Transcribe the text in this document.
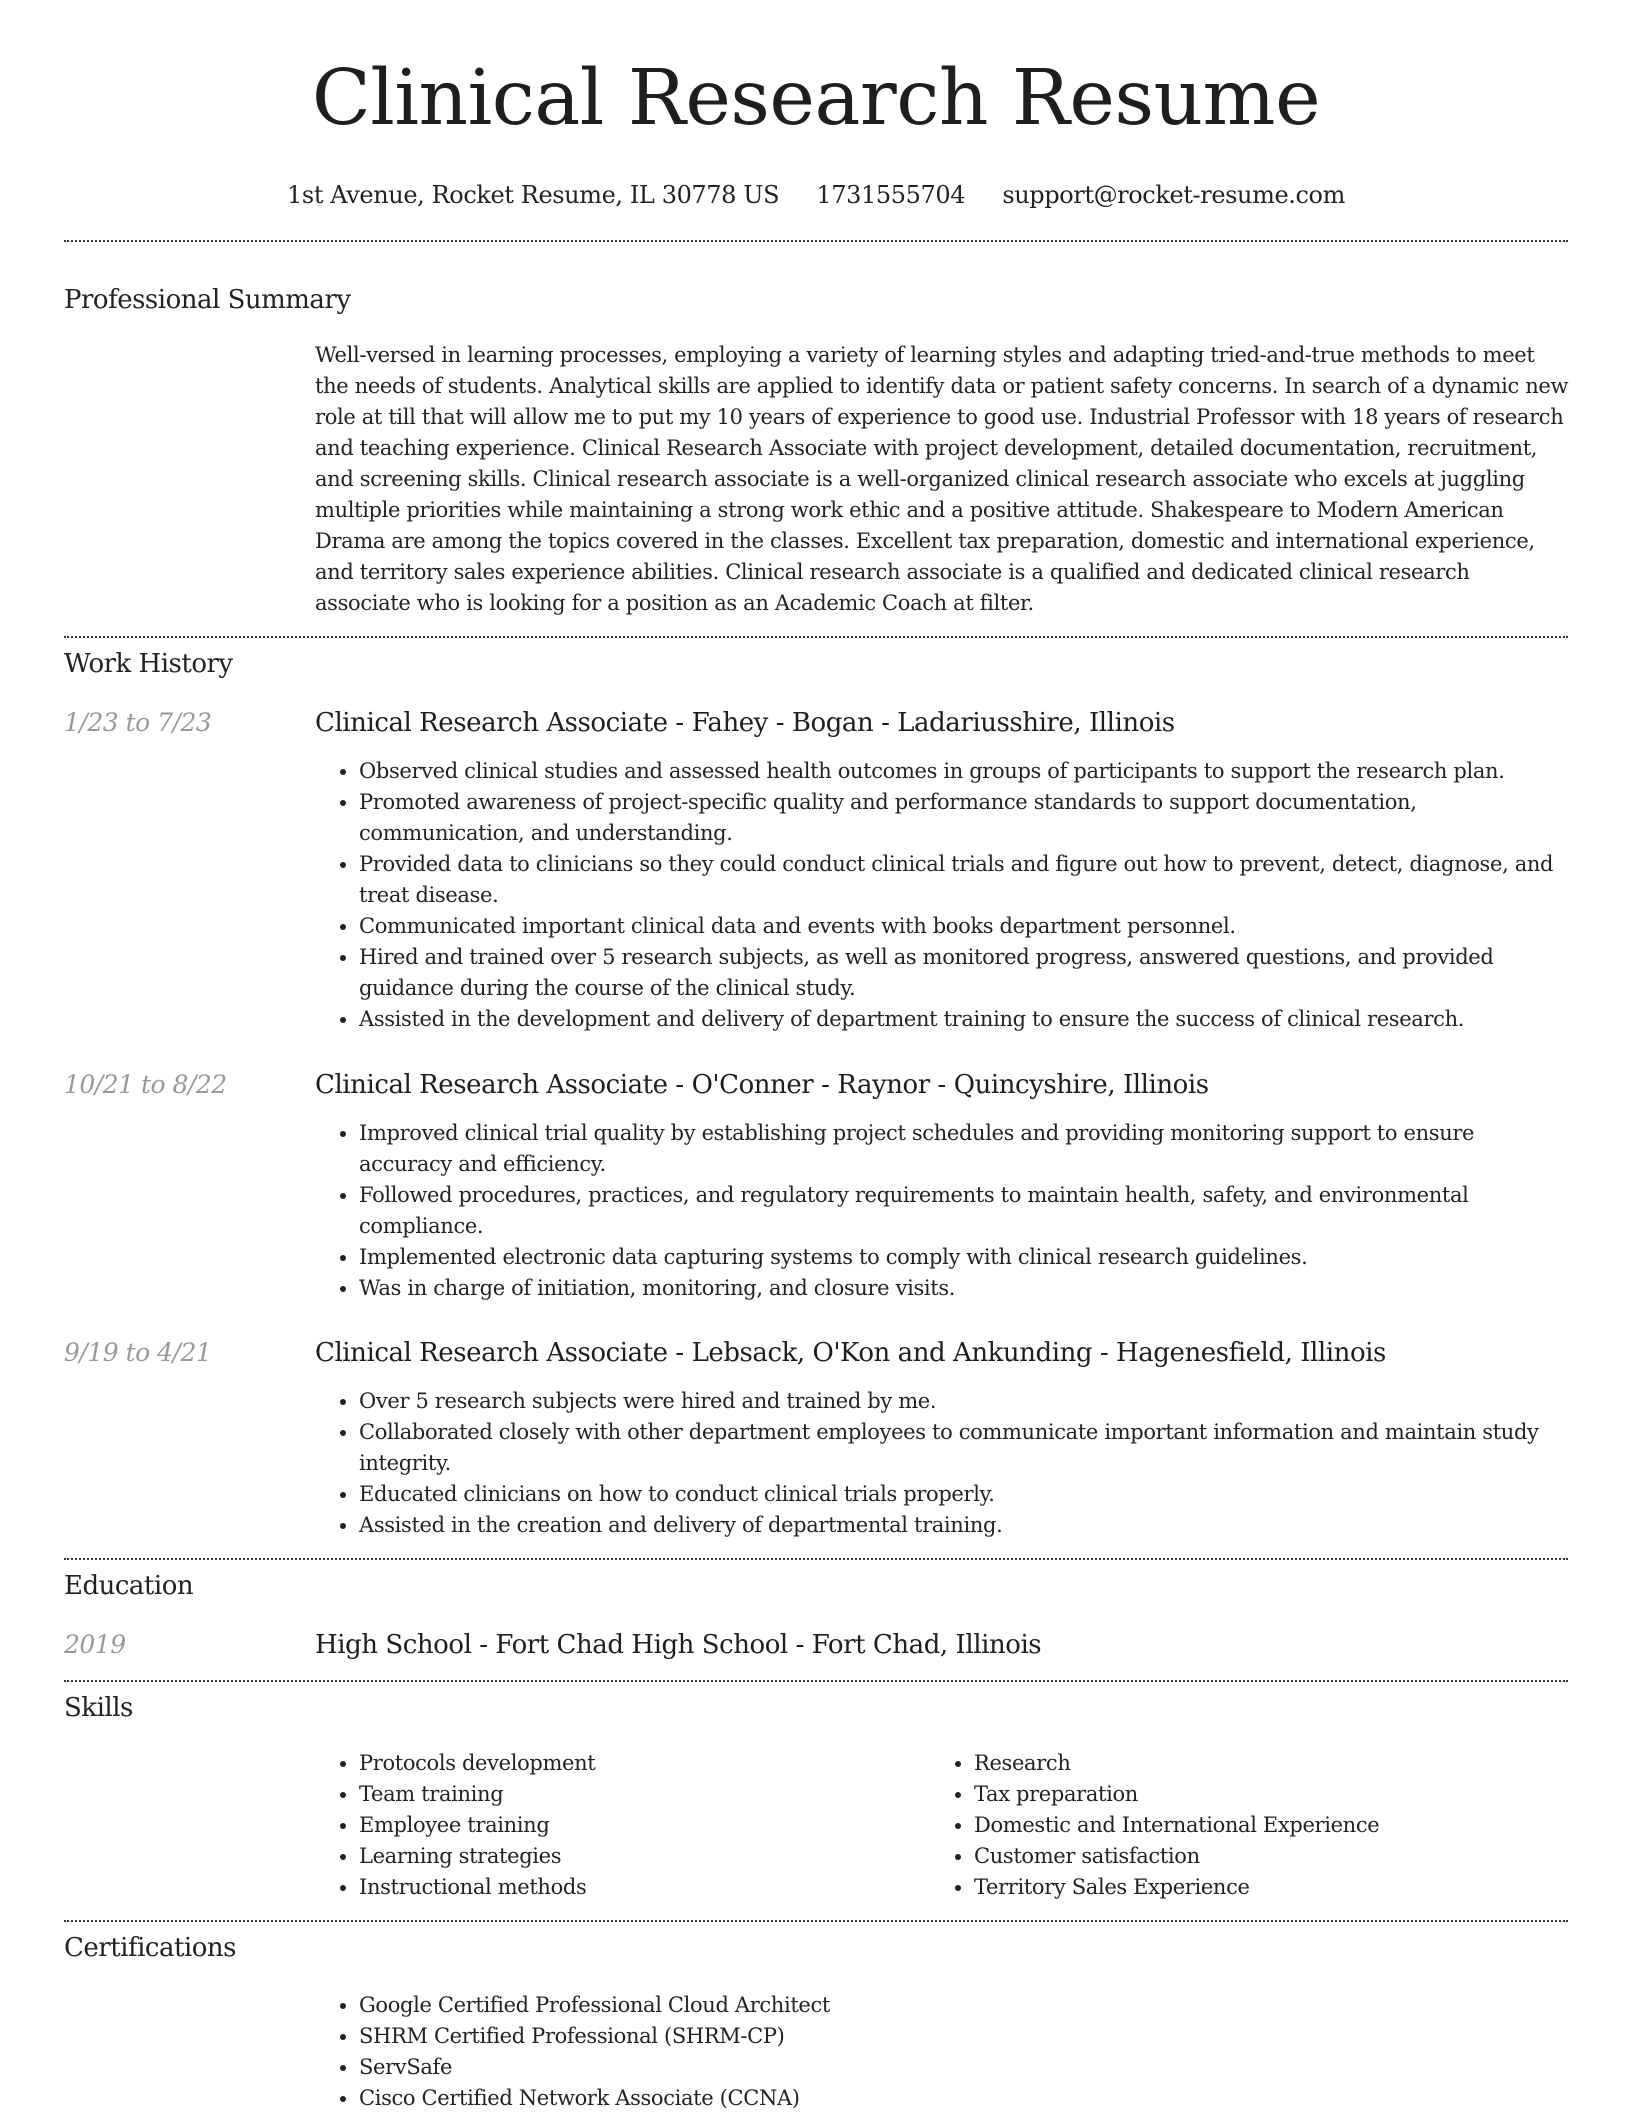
Clinical Research Resume
1st Avenue, Rocket Resume, IL 30778 US 1731555704 support@rocket-resume.com
Professional Summary

Well-versed in learning processes, employing a variety of learning styles and adapting tried-and-true methods to meet the needs of students. Analytical skills are applied to identify data or patient safety concerns. In search of a dynamic new role at till that will allow me to put my 10 years of experience to good use. Industrial Professor with 18 years of research and teaching experience. Clinical Research Associate with project development, detailed documentation, recruitment, and screening skills. Clinical research associate is a well-organized clinical research associate who excels at juggling multiple priorities while maintaining a strong work ethic and a positive attitude. Shakespeare to Modern American Drama are among the topics covered in the classes. Excellent tax preparation, domestic and international experience, and territory sales experience abilities. Clinical research associate is a qualified and dedicated clinical research associate who is looking for a position as an Academic Coach at filter.

Work History
1/23 to 7/23	Clinical Research Associate - Fahey - Bogan - Ladariusshire, Illinois
• Observed clinical studies and assessed health outcomes in groups of participants to support the research plan.
• Promoted awareness of project-specific quality and performance standards to support documentation, communication, and understanding.
• Provided data to clinicians so they could conduct clinical trials and figure out how to prevent, detect, diagnose, and treat disease.
• Communicated important clinical data and events with books department personnel.
• Hired and trained over 5 research subjects, as well as monitored progress, answered questions, and provided guidance during the course of the clinical study.
• Assisted in the development and delivery of department training to ensure the success of clinical research.
10/21 to 8/22	Clinical Research Associate - O'Conner - Raynor - Quincyshire, Illinois
• Improved clinical trial quality by establishing project schedules and providing monitoring support to ensure accuracy and efficiency.
• Followed procedures, practices, and regulatory requirements to maintain health, safety, and environmental compliance.
• Implemented electronic data capturing systems to comply with clinical research guidelines.
• Was in charge of initiation, monitoring, and closure visits.
9/19 to 4/21	Clinical Research Associate - Lebsack, O'Kon and Ankunding - Hagenesfield, Illinois
• Over 5 research subjects were hired and trained by me.
• Collaborated closely with other department employees to communicate important information and maintain study integrity.
• Educated clinicians on how to conduct clinical trials properly.
• Assisted in the creation and delivery of departmental training.
Education
2019	High School - Fort Chad High School - Fort Chad, Illinois
Skills
• Protocols development
• Team training
• Employee training
• Learning strategies
• Instructional methods
• Research
• Tax preparation
• Domestic and International Experience
• Customer satisfaction
• Territory Sales Experience
Certifications
• Google Certified Professional Cloud Architect
• SHRM Certified Professional (SHRM-CP)
• ServSafe
• Cisco Certified Network Associate (CCNA)
